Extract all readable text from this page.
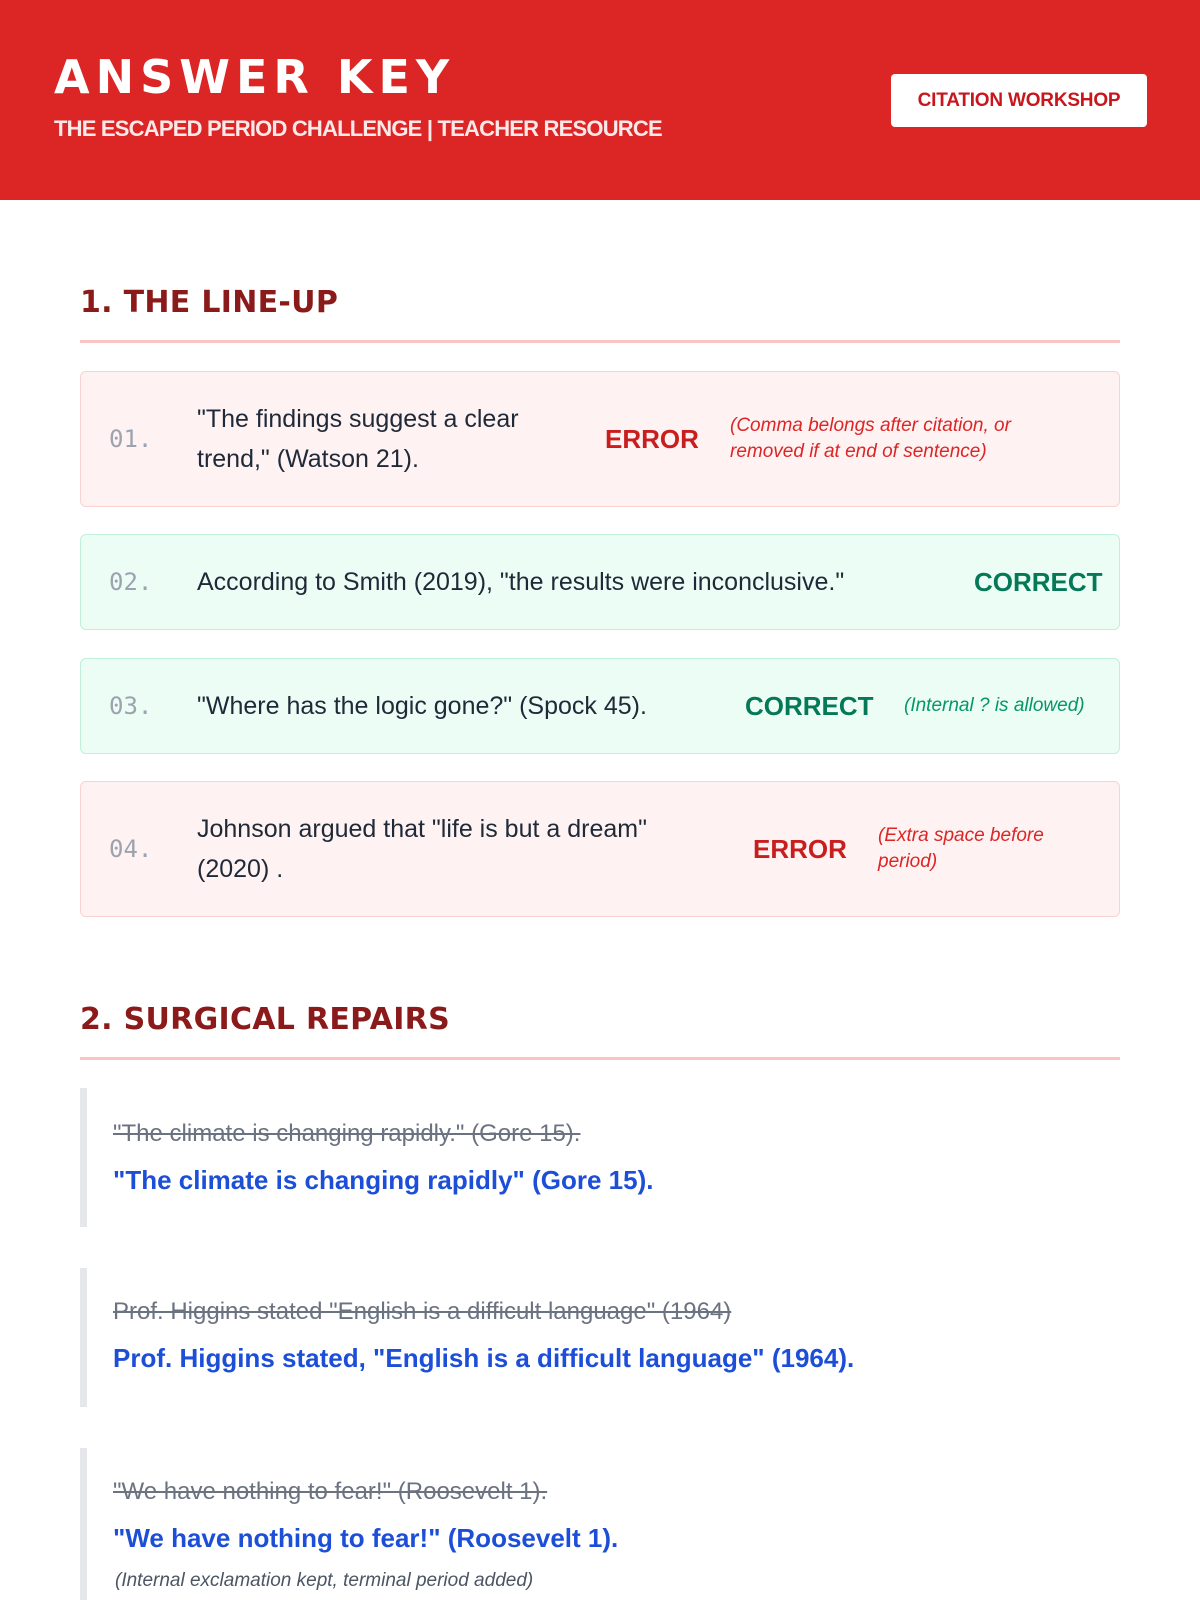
ANSWER KEY
THE ESCAPED PERIOD CHALLENGE | TEACHER RESOURCE
CITATION WORKSHOP
1. THE LINE-UP
01.
"The findings suggest a clear trend," (Watson 21).
ERROR (Comma belongs after citation, or removed if at end of sentence)
02. According to Smith (2019), "the results were inconclusive."	CORRECT
03. "Where has the logic gone?" (Spock 45).	CORRECT (Internal ? is allowed)
04.
Johnson argued that "life is but a dream" (2020) .
ERROR (Extra space before period)
2. SURGICAL REPAIRS
"The climate is changing rapidly." (Gore 15).
"The climate is changing rapidly" (Gore 15).
Prof. Higgins stated "English is a difficult language" (1964)
Prof. Higgins stated, "English is a difficult language" (1964).
"We have nothing to fear!" (Roosevelt 1).
"We have nothing to fear!" (Roosevelt 1).
(Internal exclamation kept, terminal period added)
